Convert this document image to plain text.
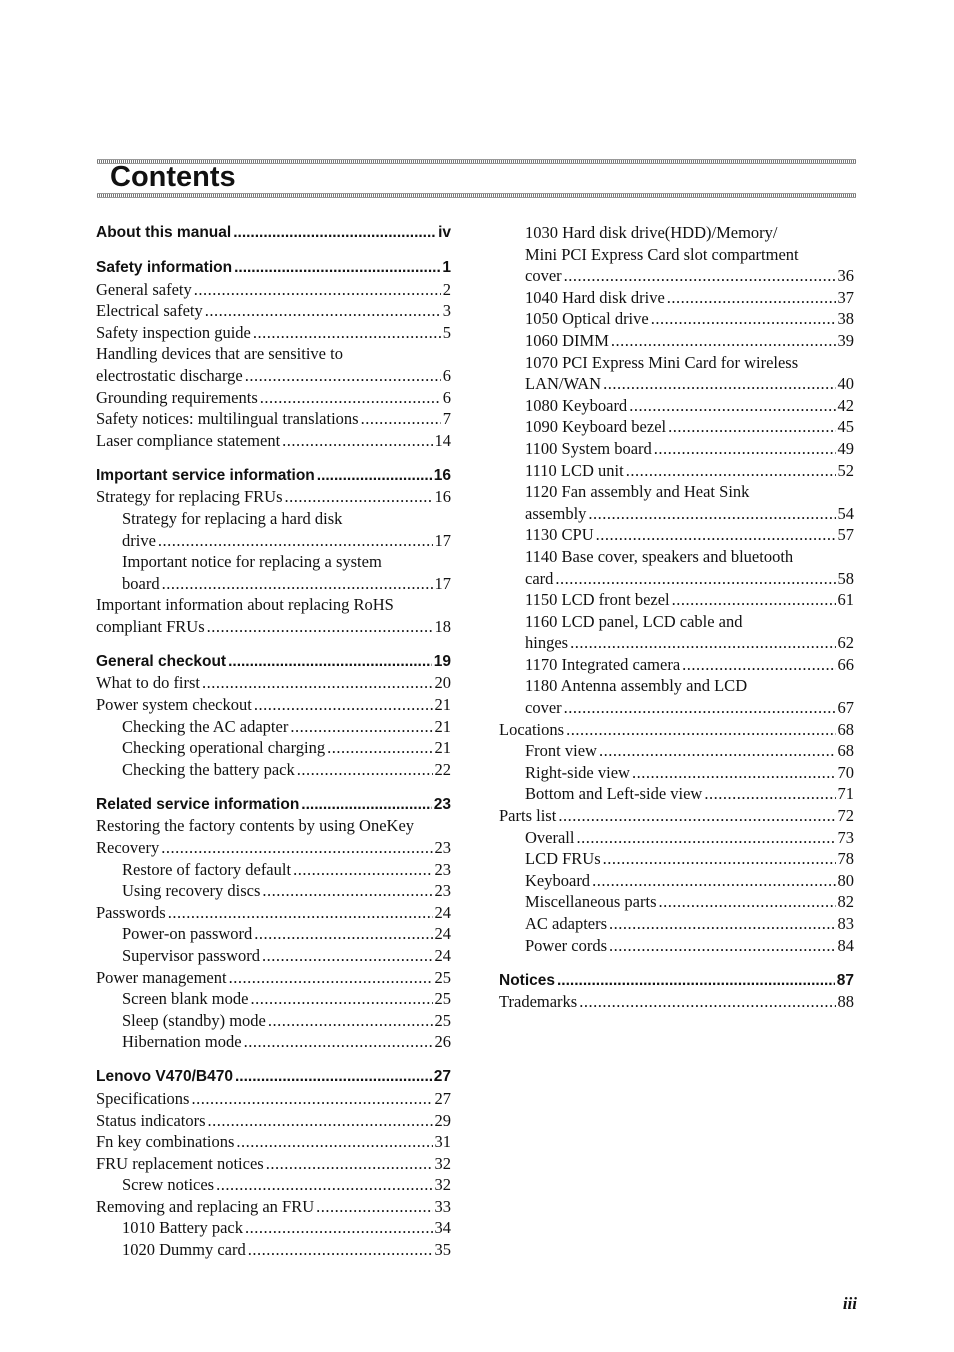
Contents
About this manual .....	iv
Safety information .....	1
General safety .....	2
Electrical safety .....	3
Safety inspection guide .....	5
Handling devices that are sensitive to
electrostatic discharge .....	6
Grounding requirements .....	6
Safety notices: multilingual translations .....	7
Laser compliance statement .....	14
Important service information .....	16
Strategy for replacing FRUs .....	16
Strategy for replacing a hard disk
drive .....	17
Important notice for replacing a system
board .....	17
Important information about replacing RoHS
compliant FRUs .....	18
General checkout .....	19
What to do first .....	20
Power system checkout .....	21
Checking the AC adapter .....	21
Checking operational charging .....	21
Checking the battery pack .....	22
Related service information .....	23
Restoring the factory contents by using OneKey
Recovery .....	23
Restore of factory default .....	23
Using recovery discs .....	23
Passwords .....	24
Power-on password .....	24
Supervisor password .....	24
Power management .....	25
Screen blank mode .....	25
Sleep (standby) mode .....	25
Hibernation mode .....	26
Lenovo V470/B470 .....	27
Specifications .....	27
Status indicators .....	29
Fn key combinations .....	31
FRU replacement notices .....	32
Screw notices .....	32
Removing and replacing an FRU .....	33
1010 Battery pack .....	34
1020 Dummy card .....	35
1030 Hard disk drive(HDD)/Memory/
Mini PCI Express Card slot compartment
cover .....	36
1040 Hard disk drive .....	37
1050 Optical drive .....	38
1060 DIMM .....	39
1070 PCI Express Mini Card for wireless
LAN/WAN .....	40
1080 Keyboard .....	42
1090 Keyboard bezel .....	45
1100 System board .....	49
1110 LCD unit .....	52
1120 Fan assembly and Heat Sink
assembly .....	54
1130 CPU .....	57
1140 Base cover, speakers and bluetooth
card .....	58
1150 LCD front bezel .....	61
1160 LCD panel, LCD cable and
hinges .....	62
1170 Integrated camera .....	66
1180 Antenna assembly and LCD
cover .....	67
Locations .....	68
Front view .....	68
Right-side view .....	70
Bottom and Left-side view .....	71
Parts list .....	72
Overall .....	73
LCD FRUs .....	78
Keyboard .....	80
Miscellaneous parts .....	82
AC adapters .....	83
Power cords .....	84
Notices .....	87
Trademarks .....	88
iii
